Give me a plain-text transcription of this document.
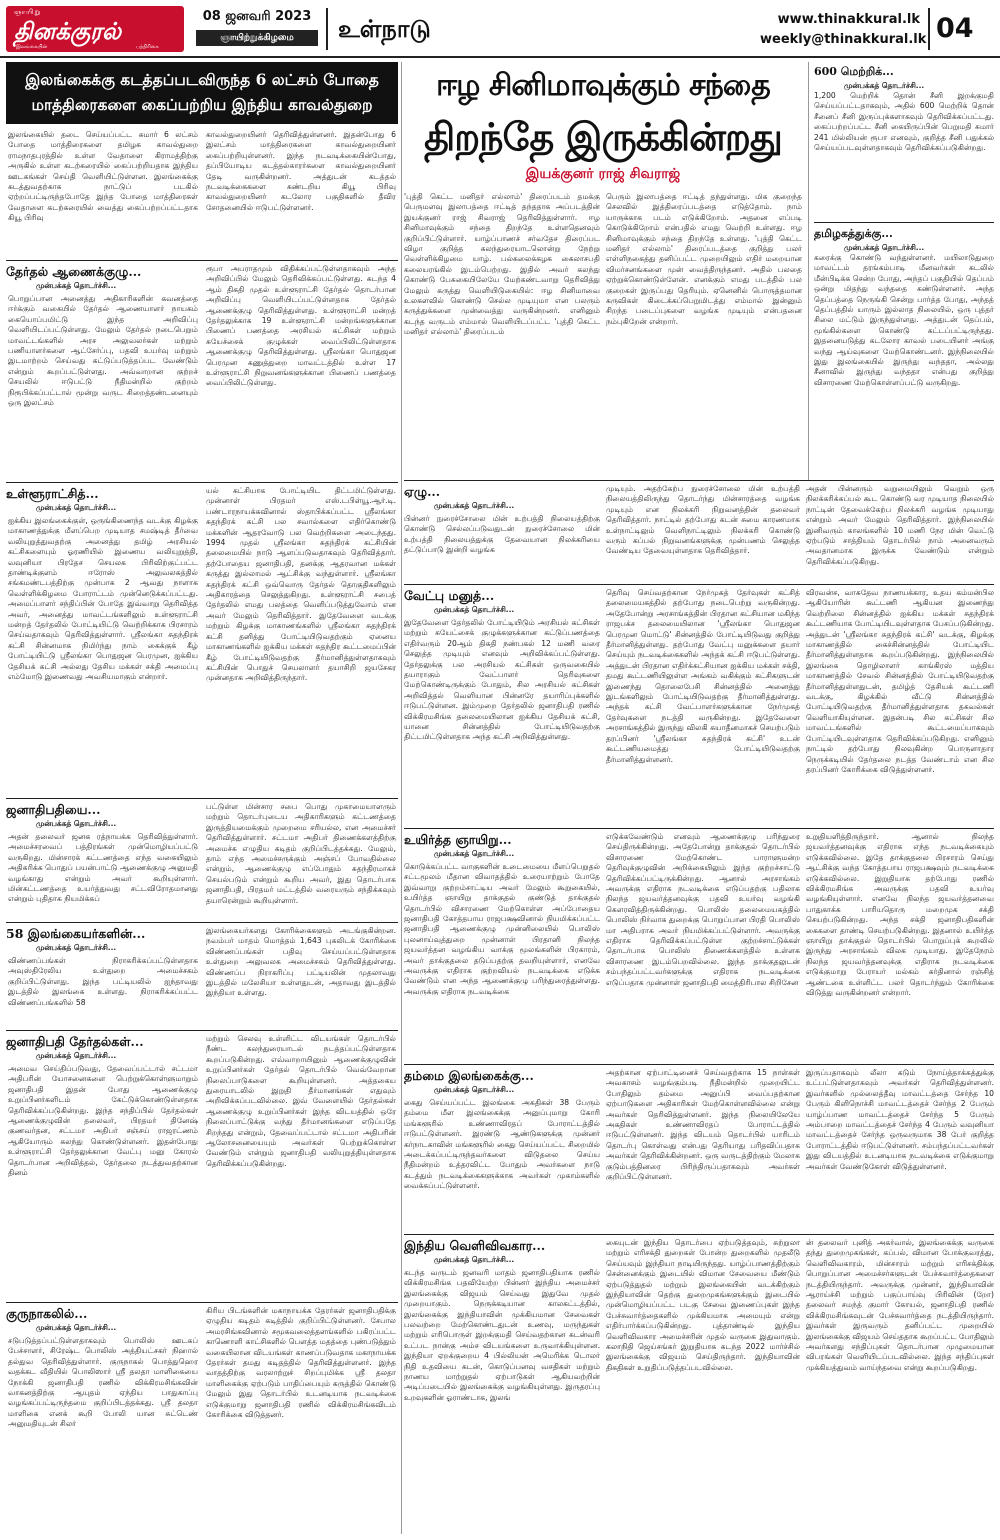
ஞாயிறு
தினக்குரல்
இலங்கையின்	பத்திரிகை
08 ஜனவரி 2023
ஞாயிற்றுக்கிழமை	உள்நாடு	www.thinakkural.lk
weekly@thinakkural.lk 04
இலங்கைக்கு கடத்தப்படவிருந்த 6 லட்சம் போதை
மாத்திரைகளை கைப்பற்றிய இந்திய காவல்துறை
இலங்கையில் தடை செய்யப்பட்ட சுமார் 6 லட்சம் போதை மாத்திரைகளை தமிழக காவல்துறை ராமநாதபுரத்தில் உள்ள வேதாளை கிராமத்திற்கு அருகில் உள்ள கடற்கரையில் கைப்பற்றியதாக இந்திய ஊடகங்கள் செய்தி வெளியிட்டுள்ளன. இலங்கைக்கு கடத்துவதற்காக நாட்டுப் படகில் ஏற்றப்பட்டிருந்தபோதே இந்த போதை மாத்திரைகள் வேதாளை கடற்கரையில் வைத்து கைப்பற்றப்பட்டதாக கியூ பிரிவு
காவல்துறையினர் தெரிவித்துள்ளனர். இதன்போது 6 இலட்சம் மாத்திரைகளை காவல்துறையினர் கைப்பற்றியுள்ளனர். இந்த நடவடிக்கையின்போது, தப்பியோடிய கடத்தல்காரர்களை காவல்துறையினர் தேடி வருகின்றனர். அத்துடன் கடத்தல் நடவடிக்கைகளை கண்டறிய கியூ பிரிவு காவல்துறையினர் கடலோர பகுதிகளில் தீவிர சோதனையில் ஈடுபட்டுள்ளனர்.
ஈழ சினிமாவுக்கும் சந்தை
திறந்தே இருக்கின்றது
இயக்குனர் ராஜ் சிவராஜ்
'புத்தி கெட்ட மனிதர் எல்லாம்' திரைப்படம் தமக்கு பெருமளவு இலாபத்தை ஈட்டித் தந்ததாக அப்படத்தின் இயக்குனர் ராஜ் சிவராஜ் தெரிவித்துள்ளார். ஈழ சினிமாவுக்கும் சந்தை திறந்தே உள்ளதெனவும் குறிப்பிட்டுள்ளார். யாழ்ப்பாணச் சர்வதேச திரைப்பட விழா குறித்த கலந்துரையாடலொன்று நேற்று வெள்ளிக்கிழமை யாழ். பல்கலைக்கழக கைலாசபதி கலையரங்கில் இடம்பெற்றது. இதில் அவர் கலந்து கொண்டு பேசுகையிலேயே மேற்கண்டவாறு தெரிவித்து மேலும் கருத்து வெளியிடுகையில்: ஈழ சினிமாவை உலகளவில் கொண்டு செல்ல முடியுமா என பலரும் கருத்துக்களை முன்வைத்து வருகின்றனர். எனினும் கடந்த வருடம் எம்மால் வெளியிடப்பட்ட 'புத்தி கெட்ட மனிதர் எல்லாம்' திரைப்படம்
பெரும் இலாபத்தை ஈட்டித் தந்துள்ளது. மிக குறைந்த செலவில் இத்திரைப்படத்தை எடுத்தோம். நாம் யாருக்காக படம் எடுக்கிறோம். அதனை எப்படி கொடுக்கிறோம் என்பதில் எமது வெற்றி உள்ளது. ஈழ சினிமாவுக்கும் சந்தை திறந்தே உள்ளது. 'புத்தி கெட்ட மனிதர் எல்லாம்' திரைப்படத்தை குறித்து பலர் எள்ளிநகைத்து தனிப்பட்ட முறையிலும் எதிர் மறையான விமர்சனங்களை முன் வைத்திருந்தனர். அதில் பலதை ஏற்றுக்கொண்டுள்ளேன். எனக்கும் எமது படத்தில் பல குறைகள் இருப்பது தெரியும். ஏனெனில் பொருத்தமான கருவிகள் கிடைக்கப்பெறுமிடத்து எம்மால் இன்னும் சிறந்த படைப்புகளை வழங்க முடியும் என்பதனை நம்புகிறேன் என்றார்.
600 மெற்றிக்...
முன்பக்கத் தொடர்ச்சி...
1,200 மெற்றிக் தொன் சீனி இறக்குமதி செய்யப்பட்டதாகவும், அதில் 600 மெற்றிக் தொன் சீனைப் சீனி இருப்புக்களாகவும் தெரிவிக்கப்பட்டது. கைப்பற்றப்பட்ட சீனி கையிருப்பின் பெறுமதி சுமார் 241 மில்லியன் ரூபா எனவும், குறித்த சீனி பதுக்கல் செய்யப்படவுள்ளதாகவும் தெரிவிக்கப்படுகின்றது.
தமிழகத்துக்கு...
முன்பக்கத் தொடர்ச்சி...
கரைக்கு கொண்டு வந்துள்ளனர். மயிலாடுதுறை மாவட்டம் தரங்கம்பாடி மீனவர்கள் கடலில் மீன்பிடிக்க சென்ற போது, அந்தப் பகுதியில் தெப்பம் ஒன்று மிதந்து வந்ததை கண்டுள்ளனர். அந்த தெப்பத்தை நெருங்கி சென்று பார்த்த போது, அந்தத் தெப்பத்தில் யாரும் இல்லாத நிலையில், ஒரு புத்தர் சிலை மட்டும் இருந்துள்ளது. அத்துடன் தெப்பம், மூங்கில்களை கொண்டு கட்டப்பட்டிருந்தது. இதனையடுத்து கடலோர காவல் படையினர் அங்கு வந்து ஆய்வுகளை மேற்கொண்டனர். இந்நிலையில் இது இலங்கையில் இருந்து வந்ததா, அல்லது சீனாவில் இருந்து வந்ததா என்பது குறித்து விசாரணை மேற்கொள்ளப்பட்டு வருகிறது.
தேர்தல் ஆணைக்குழு...
முன்பக்கத் தொடர்ச்சி...
பொறுப்பான அனைத்து அதிகாரிகளின் கவனத்தை ஈர்க்கும் வகையில் தேர்தல் ஆணையாளர் நாயகம் கையொப்பமிட்டு இந்த அறிவிப்பு வெளியிடப்பட்டுள்ளது. மேலும் தேர்தல் நடைபெறும் மாவட்டங்களில் அரச அலுவலர்கள் மற்றும் பணியாளர்களை ஆட்சேர்ப்பு, பதவி உயர்வு மற்றும் இடமாற்றம் செய்வது கட்டுப்படுத்தப்பட வேண்டும் என்றும் கூறப்பட்டுள்ளது. அவ்வாறான குற்றச் செயலில் ஈடுபட்டு நீதிமன்றில் குற்றம் நிரூபிக்கப்பட்டால் மூன்று வருட சிறைத்தண்டனையும் ஒரு இலட்சம்
ரூபா அபராதமும் விதிக்கப்பட்டுள்ளதாகவும் அந்த அறிவிப்பில் மேலும் தெரிவிக்கப்பட்டுள்ளது. கடந்த 4 ஆம் திகதி முதல் உள்ளூராட்சி தேர்தல் தொடர்பான அறிவிப்பு வெளியிடப்பட்டுள்ளதாக தேர்தல் ஆணைக்குழு தெரிவித்துள்ளது. உள்ளூராட்சி மன்றத் தேர்தலுக்காக 19 உள்ளூராட்சி மன்றங்களுக்கான பிணைப் பணத்தை அரசியல் கட்சிகள் மற்றும் சுயேச்சைக் குழுக்கள் வைப்பிலிட்டுள்ளதாக ஆணைக்குழு தெரிவித்துள்ளது. ஸ்ரீலங்கா பொதுஜன பெரமுன கணுத்துறை மாவட்டத்தில் உள்ள 17 உள்ளூராட்சி நிறுவனங்களுக்கான பிணைப் பணத்தை வைப்பிலிட்டுள்ளது.
உள்ளூராட்சித்...
முன்பக்கத் தொடர்ச்சி...
ஐக்கிய இலங்கைக்குள், ஒருங்கிணைந்த வடக்கு கிழக்கு மாகாணத்துக்கு மீளப்பெற முடியாத சமஷ்டித் தீர்வை வலியுறுத்துவதற்கு அனைத்து தமிழ் அரசியல் கட்சிகளையும் ஓரணியில் இணைய வலியுறுத்தி, வவுனியா பிரதேச செயலக பிரிவிற்குட்பட்ட தாண்டிக்குளம் ஈரோஸ் அலுவலகத்தில் சங்கமண்டபத்திற்கு முன்பாக 2 ஆவது நாளாக வெள்ளிக்கிழமை போராட்டம் முன்னெடுக்கப்பட்டது. அமைப்பாளர் சந்திப்பின் போதே இவ்வாறு தெரிவித்த அவர், அனைத்து மாவட்டங்களிலும் உள்ளூராட்சி மன்றத் தேர்தலில் போட்டியிட்டு வெற்றிக்காக பிரசாரம் செய்வதாகவும் தெரிவித்துள்ளார். ஸ்ரீலங்கா சுதந்திரக் கட்சி சின்னமாக நிமிர்ந்து நாம் கைக்குக் கீழ் போட்டியிட்டு ஸ்ரீலங்கா பொதுஜன பெரமுன, ஐக்கிய தேசியக் கட்சி அல்லது தேசிய மக்கள் சக்தி அமைப்பு எம்மோடு இணைவது அவசியமாகும் என்றார்.
யல் கட்சியாக போட்டியிட திட்டமிட்டுள்ளது. முன்னாள் பிரதமர் எஸ்.டபிள்யூ.ஆர்.டி. பண்டாரநாயக்கவினால் ஸ்தாபிக்கப்பட்ட ஸ்ரீலங்கா சுதந்திரக் கட்சி பல சவால்களை எதிர்கொண்டு மக்களின் ஆதரவோடு பல வெற்றிகளை அடைந்தது. 1994 முதல் ஸ்ரீலங்கா சுதந்திரக் கட்சியின் தலைமையில் நாடு ஆளப்படுவதாகவும் தெரிவித்தார். தற்போதைய ஜனாதிபதி, தனக்கு ஆதரவான மக்கள் கருத்து இல்லாமல் ஆட்சிக்கு வந்துள்ளார். ஸ்ரீலங்கா சுதந்திரக் கட்சி ஒவ்வொரு தேர்தல் தொகுதிகளிலும் அதிகாரத்தை செலுத்துகிறது. உள்ளூராட்சி சபைத் தேர்தலில் எமது பலத்தை வெளிப்படுத்துவோம் என அவர் மேலும் தெரிவித்தார். இதேவேளை வடக்கு மற்றும் கிழக்கு மாகாணங்களில் ஸ்ரீலங்கா சுதந்திரக் கட்சி தனித்து போட்டியிடுவதற்கும் ஏனைய மாகாணங்களில் ஐக்கிய மக்கள் சுதந்திர கூட்டமைப்பின் கீழ் போட்டியிடுவதற்கு தீர்மானித்துள்ளதாகவும் கட்சியின் பொதுச் செயலாளர் தயாசிறி ஜயசேகர முன்னதாக அறிவித்திருந்தார்.
ஜனாதிபதியை...
முன்பக்கத் தொடர்ச்சி...
அதன் தலைவர் ஜனக ரத்நாயக்க தெரிவித்துள்ளார். அமைச்சரவைப் பத்திரங்கள் முன்மொழியப்பட்டு வருகிறது. மின்சாரக் கட்டணத்தை எந்த வகையிலும் அதிகரிக்க பொதுப் பயன்பாட்டு ஆணைக்குழு அனுமதி வழங்காது என்றும் அவர் கூறியுள்ளார். மின்கட்டணத்தை உயர்த்துவது சட்டவிரோதமானது என்றும் புதிதாக நியமிக்கப்
பட்டுள்ள மின்சார சபை பொது முகாமையாளரும் மற்றும் தொடர்புடைய அதிகாரிகளும் கட்டணத்தை இருத்தியமைக்கும் முறைமை சரியல்ல, என அமைச்சர் தெரிவித்துள்ளார். சட்டமா அதிபர் திணைக்களத்திற்கு அமைச்சு எழுதிய கடிதம் குறிப்பிடத்தக்கது. மேலும், தாம் எந்த அமைச்சருக்கும் அஞ்சப் போவதில்லை என்றும், ஆணைக்குழு எப்போதும் சுதந்திரமாகச் செயல்படும் என்றும் கூறிய அவர், இது தொடர்பாக ஜனாதிபதி, பிரதமர் மட்டத்தில் வரையரும் சந்திக்கவும் தயாரென்றும் கூறியுள்ளார்.
58 இலங்கையர்களின்...
முன்பக்கத் தொடர்ச்சி...
விண்ணப்பங்கள் நிராகரிக்கப்பட்டுள்ளதாக அவுஸ்திரேலிய உள்துறை அமைச்சகம் குறிப்பிட்டுள்ளது. இந்த பட்டியலில் ஐந்தாவது இடத்தில் இலங்கை உள்ளது. நிராகரிக்கப்பட்ட விண்ணப்பங்களில் 58
இலங்கையர்களது கோரிக்கைகளும் அடங்குகின்றன. நவம்பர் மாதம் மொத்தம் 1,643 புகலிடக் கோரிக்கை விண்ணப்பங்கள் பதிவு செய்யப்பட்டுள்ளதாக உள்துறை அலுவலக அமைச்சகம் தெரிவித்துள்ளது. விண்ணப்ப நிராகரிப்பு பட்டியலின் முதலாவது இடத்தில் மலேசியா உள்ளதுடன், அதாவது இடத்தில் இந்தியா உள்ளது.
ஜனாதிபதி தேர்தல்கள்...
முன்பக்கத் தொடர்ச்சி...
அமைவ செய்திப்படுவது, தேவைப்பட்டால் சட்டமா அதிபரின் யோசனைகளை பெற்றுக்கொள்ளுமாறும் ஜனாதிபதி இதன் போது ஆணைக்குழு உறுப்பினர்களிடம் கேட்டுக்கொண்டுள்ளதாக தெரிவிக்கப்படுகின்றது. இந்த சந்திப்பில் தேர்தல்கள் ஆணைக்குழுவின் தலைவர், பிரதமர் தினேஷ் குணவர்தன, சட்டமா அதிபர் சஞ்சய் ராஜரட்ணம் ஆகியோரும் கலந்து கொண்டுள்ளனர். இதன்போது உள்ளூராட்சி தேர்தலுக்கான வேட்பு மனு கோரல் தொடர்பான அறிவித்தல், தேர்தலை நடத்துவதற்கான தினம்
மற்றும் செலவு உள்ளிட்ட விடயங்கள் தொடர்பில் நீண்ட கலந்துரையாடல் நடத்தப்பட்டுள்ளதாக கூறப்படுகின்றது. எவ்வாறாயினும் ஆணைக்குழுவின் உறுப்பினர்கள் தேர்தல் தொடர்பில் வெவ்வேறான நிலைப்பாடுகளை கூறியுள்ளனர். அத்தகைய துரையாடலில் இறுதி தீர்மானங்கள் எதுவும் அறிவிக்கப்படவில்லை. இவ் வேளையில் தேர்தல்கள் ஆணைக்குழு உறுப்பினர்கள் இந்த விடயத்தில் ஒரே நிலைப்பாட்டுக்கு வந்து தீர்மானங்களை எடுப்பதே சிறந்தது என்றும், தேவைப்பட்டால் சட்டமா அதிபரின் ஆலோசனையையும் அவர்கள் பெற்றுக்கொள்ள வேண்டும் என்றும் ஜனாதிபதி வலியுறுத்தியுள்ளதாக தெரிவிக்கப்படுகின்றது.
குருநாகலில்...
முன்பக்கத் தொடர்ச்சி...
சடுபடுத்தப்பட்டுள்ளதாகவும் பொலிஸ் ஊடகப் பேச்சாளர், சிரேஷ்ட பொலிஸ் அத்தியட்சகர் நிஹால் தல்துவ தெரிவித்துள்ளார். குருநாகல் பொத்துஹெர வதக்கட வீதியில் பொலிஸார் ஸ்ரீ தலதா மாளிகையை நோக்கி ஜனாதிபதி ரணில் விக்கிரமசிங்கவின் வாகனத்திற்கு ஆயுதம் ஏந்திய பாதுகாப்பு வழங்கப்பட்டிருந்தமை குறிப்பிடத்தக்கது. ஸ்ரீ தலதா மாளிகை எனக் கூறி போலி யான சுட்டெண் அனுமதியுடன் சிலர்
கிரிய பிடங்களின் மகாநாயக்க தேரர்கள் ஜனாதிபதிக்கு ஏழுதிய கடிதம் கடித்தில் குறிப்பிட்டுள்ளனர். சேபால அமரசிங்கவினால் சமூகவலைத்தளங்களில் பகிரப்பட்ட காணொளி காட்சிகளில் பௌத்த மதத்தை புண்படுத்தும் வகையிலான விடயங்கள் காணப்படுவதாக மகாநாயக்க தேரர்கள் தமது கடிதத்தில் தெரிவித்துள்ளனர். இந்த வாதத்திற்கு வரலாற்றுச் சிறப்புமிக்க ஸ்ரீ தலதா மாளிகைக்கு ஏற்படும் பாதிப்பையும் கருத்தில் கொண்டு மேலும் இது தொடர்பில் உடனடியாக நடவடிக்கை எடுக்குமாறு ஜனாதிபதி ரணில் விக்கிரமசிங்கவிடம் கோரிக்கை விடுத்தனர்.
ஏழு...
முன்பக்கத் தொடர்ச்சி...
பின்னர் நுரைச்சோலை மின் உற்பத்தி நிலையத்திற்கு கொண்டு செல்லப்படுவதுடன் நுரைச்சோலை மின் உற்பத்தி நிலையத்துக்கு தேவையான நிலக்கரியை தட்டுப்பாடு இன்றி வழங்க
முடியும். அதற்கேற்ப நுரைச்சோலை மின் உற்பத்தி நிலையத்திலிருந்து தொடர்ந்து மின்சாரத்தை வழங்க முடியும் என நிலக்கரி நிறுவனத்தின் தலைவர் தெரிவித்தார். நாட்டில் தற்போது கடன் சுமை காரணமாக உள்நாட்டிலும் வெளிநாட்டிலும் நிலக்கரி கொண்டு வரும் கப்பல் நிறுவனங்களுக்கு முன்பணம் செலுத்த வேண்டிய தேவையுள்ளதாக தெரிவித்தார்.
அதன் பின்னரும் வறுமையிலும் வெறும் ஒரு நிலக்கரிக்கப்பல் கூட கொண்டு வர முடியாத நிலையில் நாட்டின் தேவைக்கேற்ப நிலக்கரி வழங்க முடியாது என்றும் அவர் மேலும் தெரிவித்தார். இந்நிலையில் இனிவரும் காலங்களில் 10 மணி நேர மின் வெட்டு ஏற்படும் சாத்தியம் தொடர்பில் நாம் அனைவரும் அவதானமாக இருக்க வேண்டும் என்றும் தெரிவிக்கப்படுகிறது.
வேட்பு மனுத்...
முன்பக்கத் தொடர்ச்சி...
இதேவேளை தேர்தலில் போட்டியிடும் அரசியல் கட்சிகள் மற்றும் சுயேட்சைக் குழுக்களுக்கான கட்டுப்பணத்தை எதிர்வரும் 20ஆம் திகதி நண்பகல் 12 மணி வரை செலுத்த முடியும் எனவும் அறிவிக்கப்பட்டுள்ளது. தேர்தலுக்கு பல அரசியல் கட்சிகள் ஒருவகையில் தயாராகும் வேட்பாளர் தெரிவுகளை மேற்கொண்டிருக்கும் போதும், சில அரசியல் கட்சிகள் அறிவித்தல் வெளியான பின்னரே தயாரிப்புக்களில் ஈடுபட்டுள்ளன. இம்முறை தேர்தலில் ஜனாதிபதி ரணில் விக்கிரமசிங்க தலைமையிலான ஐக்கிய தேசியக் கட்சி, யானை சின்னத்தில் போட்டியிடுவதற்கு திட்டமிட்டுள்ளதாக அந்த கட்சி அறிவித்துள்ளது.
தெரிவு செய்வதற்கான நேர்முகத் தேர்வுகள் கட்சித் தலைமையகத்தில் தற்போது நடைபெற்று வருகின்றது. அதேபோன்று அரசாங்கத்தின் பிரதான கட்சியான மகிந்த ராஜபக்ச தலைமையிலான 'ஸ்ரீலங்கா பொதுஜன பெரமுன மொட்டு' சின்னத்தில் போட்டியிடுவது குறித்து தீர்மானித்துள்ளது. தற்போது வேட்பு மனுக்களை தயார் செய்யும் நடவடிக்கைகளில் அந்தக் கட்சி ஈடுபட்டுள்ளது. அத்துடன் பிரதான எதிர்க்கட்சியான ஐக்கிய மக்கள் சக்தி, தமது கூட்டணியிலுள்ள அங்கம் வகிக்கும் கட்சிகளுடன் இணைந்து தொலைபேசி சின்னத்தில் அனைத்து இடங்களிலும் போட்டியிடுவதற்கு தீர்மானித்துள்ளது. அந்தக் கட்சி வேட்பாளர்களுக்கான நேர்முகத் தேர்வுகளை நடத்தி வருகின்றது. இதேவேளை அரசாங்கத்தில் இருந்து விலகி சுயாதீனமாகச் செயற்படும் தரப்பினர் 'ஸ்ரீலங்கா சுதந்திரக் கட்சி' உடன் கூட்டணியமைத்து போட்டியிடுவதற்கு தீர்மானித்துள்ளனர்.
விரவன்ச, வாசுதேவ நாணயக்கார, உதய கம்மன்பில ஆகியோரின் கூட்டணி ஆகியன இணைந்து வெற்றிலை சின்னத்தில் ஐக்கிய மக்கள் சுதந்திரக் கூட்டணியாக போட்டியிடவுள்ளதாக பேசப்படுகின்றது. அத்துடன் 'ஸ்ரீலங்கா சுதந்திரக் கட்சி' வடக்கு, கிழக்கு மாகாணத்தில் கைச்சின்னத்தில் போட்டியிட தீர்மானித்துள்ளதாக கூறப்படுகின்றது. இந்நிலையில் இலங்கை தொழிலாளர் காங்கிரஸ் மத்திய மாகாணத்தில் சேவல் சின்னத்தில் போட்டியிடுவதற்கு தீர்மானித்துள்ளதுடன், தமிழ்த் தேசியக் கூட்டணி வடக்கு, கிழக்கில் வீட்டு சின்னத்தில் போட்டியிடுவதற்கு தீர்மானித்துள்ளதாக தகவல்கள் வெளியாகியுள்ளன. இதன்படி சில கட்சிகள் சில மாவட்டங்களில் கூட்டமைப்பாகவும் போட்டியிடவுள்ளதாக தெரிவிக்கப்படுகிறது. எனினும் நாட்டில் தற்போது நிலவுகின்ற பொருளாதார நெருக்கடியில் தேர்தலை நடத்த வேண்டாம் என சில தரப்பினர் கோரிக்கை விடுத்துள்ளனர்.
உயிர்த்த ஞாயிறு...
முன்பக்கத் தொடர்ச்சி...
கொடுக்கப்பட்ட வாகுகளின் உடைமையை மீளப்பெறுதல் சட்டமூலம் மீதான விவாதத்தில் உரையாற்றும் போதே இவ்வாறு குற்றம்சாட்டிய அவர் மேலும் கூறுகையில், உயிர்த்த ஞாயிறு தாக்குதல் குண்டுத் தாக்குதல் தொடர்பில் விசாரணை மேற்கொள்ள அப்போதைய ஜனாதிபதி கோத்தபாய ராஜபக்ஷவினால் நியமிக்கப்பட்ட ஜனாதிபதி ஆணைக்குழு முன்னிலையில் பொலிஸ் புலனாய்வுத்துறை முன்னாள் பிரதானி நிலந்த ஜயவர்த்தன வழங்கிய வாக்கு மூலங்களின் பிரகாரம், அவர் தாக்குதலை தடுப்பதற்கு தவறியுள்ளார், எனவே அவருக்கு எதிராக குற்றவியல் நடவடிக்கை எடுக்க வேண்டும் என அந்த ஆணைக்குழு பரிந்துரைத்துள்ளது. அவருக்கு எதிராக நடவடிக்கை
எடுக்கவேண்டும் எனவும் ஆணைக்குழு பரிந்துரை செய்திருக்கின்றது. அதேபோன்று தாக்குதல் தொடர்பில் விசாரணை மேற்கொண்ட பாராளுமன்ற தெரிவுக்குழுவின் அறிக்கையிலும் இந்த குற்றச்சாட்டு தெரிவிக்கப்பட்டிருக்கின்றது. ஆனால் அரசாங்கம் அவருக்கு எதிராக நடவடிக்கை எடுப்பதற்கு பதிலாக நிலந்த ஜயவர்த்தனவுக்கு பதவி உயர்வு வழங்கி கௌரவித்திருக்கின்றது. பொலிஸ் தலைமையகத்தில் பொலிஸ் நிர்வாக துறைக்கு பொறுப்பான பிரதி பொலிஸ் மா அதிபராக அவர் நியமிக்கப்பட்டுள்ளார். அவருக்கு எதிராக தெரிவிக்கப்பட்டுள்ள குற்றச்சாட்டுக்கள் தொடர்பாக பொலிஸ் திணைக்களத்தில் உள்ளக விசாரணை இடம்பெறவில்லை. இந்த தாக்குதலுடன் சம்பந்தப்பட்டவர்களுக்கு எதிராக நடவடிக்கை எடுப்பதாக முன்னாள் ஜனாதிபதி மைத்திரிபால சிறிசேன
உறுதியளித்திருந்தார். ஆனால் நிலந்த ஜயவர்த்தனவுக்கு எதிராக எந்த நடவடிக்கையும் எடுக்கவில்லை. இதே தாக்குதலை பிரசாரம் செய்து ஆட்சிக்கு வந்த கோத்தபாய ராஜபக்ஷவும் நடவடிக்கை எடுக்கவில்லை. இறுதியாக தற்போது ரணில் விக்கிரமசிங்க அவருக்கு பதவி உயர்வு வழங்கியுள்ளார். எனவே நிலந்த ஜயவர்த்தனவை பாதுகாக்க பாரியதொரு மறைமுக சக்தி செயற்படுகின்றது. அந்த சக்தி ஜனாதிபதிகளின் கைகளை தாண்டி செயற்படுகின்றது. இதனால் உயிர்த்த ஞாயிறு தாக்குதல் தொடர்பில் பொறுப்புக் கூறலில் இருந்து அரசாங்கம் விலக முடியாது. இதேநேரம் நிலந்த ஜயவர்த்தனவுக்கு எதிராக நடவடிக்கை எடுக்குமாறு பேராயர் மல்கம் கர்தினால் ரஞ்சித் ஆண்டகை உள்ளிட்ட பலர் தொடர்ந்தும் கோரிக்கை விடுத்து வருகின்றனர் என்றார்.
தம்மை இலங்கைக்கு...
முன்பக்கத் தொடர்ச்சி...
கைது செய்யப்பட்ட இலங்கை அகதிகள் 38 பேரும் தம்மை மீள இலங்கைக்கு அனுப்புமாறு கோரி மங்களூரில் உண்ணாவிரதப் போராட்டத்தில் ஈடுபட்டுள்ளனர். இரண்டு ஆண்டுகளுக்கு முன்னர் கர்நாடகாவின் மங்களூரில் கைது செய்யப்பட்ட சிறைமில் அடைக்கப்பட்டிருந்தவர்களை விடுதலை செய்ய நீதிமன்றம் உத்தரவிட்ட போதும் அவர்களை நாடு கடத்தும் நடவடிக்கைகளுக்காக அவர்கள் முகாம்களில் வைக்கப்பட்டுள்ளனர்.
அதற்கான ஏற்பாட்டினைச் செய்வதற்காக 15 நாள்கள் அவகாசம் வழங்கும்படி நீதிமன்றில் முறையிட்ட போதிலும் தம்மை அனுப்பி வைப்பதற்கான ஏற்பாடுகளை அதிகாரிகள் மேற்கொள்ளவில்லை என்று அவர்கள் தெரிவித்துள்ளனர். இந்த நிலையிலேயே அகதிகள் உண்ணாவிரதப் போராட்டத்தில் ஈடுபட்டுள்ளனர். இந்த விடயம் தொடர்பில் யாரிடம் தொடர்பு கொள்வது என்பது தெரியாது பரிதவிப்பதாக அவர்கள் தெரிவிக்கின்றனர். ஒரு வருடத்திற்கும் மேலாக குடும்பத்தினரை பிரிந்திருப்பதாகவும் அவர்கள் குறிப்பிட்டுள்ளனர்.
இருப்பதாகவும் லீலா கடும் நோய்த்தாக்கத்துக்கு உட்பட்டுள்ளதாகவும் அவர்கள் தெரிவித்துள்ளனர். இவர்களில் முல்லைத்தீவு மாவட்டத்தை சேர்ந்த 10 பேரும் கிளிநொச்சி மாவட்டத்தைச் சேர்ந்த 2 பேரும் யாழ்ப்பாண மாவட்டத்தைச் சேர்ந்த 5 பேரும் அம்பாறை மாவட்டத்தைச் சேர்ந்த 4 பேரும் வவுனியா மாவட்டத்தைச் சேர்ந்த ஒருவருமாக 38 பேர் குறித்த போராட்டத்தில் ஈடுபட்டுள்ளனர். சம்பந்தப்பட்டவர்கள் இது விடயத்தில் உடனடியாக நடவடிக்கை எடுக்குமாறு அவர்கள் வேண்டுகோள் விடுத்துள்ளனர்.
இந்திய வெளிவிவகார...
முன்பக்கத் தொடர்ச்சி...
கடந்த வருடம் ஜனவரி மாதம் ஜனாதிபதியாக ரணில் விக்கிரமசிங்க பதவியேற்ற பின்னர் இந்திய அமைச்சர் இலங்கைக்கு விஜயம் செய்வது இதுவே முதல் முறையாகும். நெருக்கடியான காலகட்டத்தில், இலங்கைக்கு இந்தியாவின் முக்கியமான சேவைகள் பலவற்றை மேற்கொண்டதுடன் உணவு, மருந்துகள் மற்றும் எரிபொருள் இறக்குமதி செய்வதற்கான கடன்வரி உட்பட நான்கு அம்ச விடயங்களை உருவாக்கியுள்ளன. இந்தியா ஏறக்குறைய 4 பில்லியன் அமெரிக்க டொலர் நிதி உதவியை கடன், கொடுப்பனவு வசதிகள் மற்றும் நாணய மாற்றுதல் ஏற்பாடுகள் ஆகியவற்றின் அடிப்படையில் இலங்கைக்கு வழங்கியுள்ளது. இருதரப்பு உறவுகளின் ஓராண்டாக, இலங்
கையுடன் இந்திய தொடர்பை ஏற்படுத்தவும், சுற்றுலா மற்றும் எரிசக்தி துறைகள் போன்ற துறைகளில் முதலீடு செய்யவும் இந்தியா நாடியிருந்தது. யாழ்ப்பாணத்திற்கும் சென்னைக்கும் இடையில் விமான சேவையை மீண்டும் ஏற்படுத்துதல் மற்றும் இலங்கையின் வடக்கிற்கும் இந்தியாவின் தெற்கு துறைமுகங்களுக்கும் இடையில் முன்மொழியப்பட்ட படகு சேவை இணைப்புகள் இந்த பேச்சுவார்த்தைகளில் முக்கியமாக அமையும் என்று எதிர்பார்க்கப்படுகின்றது. புத்தாண்டில் இந்திய வெளிவிவகார அமைச்சரின் முதல் வருகை இதுவாகும். கலாநிதி ஜெய்சங்கர் இறுதியாக கடந்த 2022 மார்ச்சில் இலங்கைக்கு விஜயம் செய்திருந்தார். இந்தியாவின் திகதிகள் உறுதிப்படுத்தப்படவில்லை.
ன் தலைவர் புனித் அகர்வால், இலங்கைக்கு வருகை தந்து துறைமுகங்கள், கப்பல், விமான போக்குவரத்து, வெளிவிவகாரம், மின்சாரம் மற்றும் எரிசக்திக்கு பொறுப்பான அமைச்சர்களுடன் பேச்சுவார்த்தைகளை நடத்தியிருந்தார். அவருக்கு முன்னர், இந்தியாவின் ஆராய்ச்சி மற்றும் பகுப்பாய்வு பிரிவின் (றோ) தலைவர் சமந்த் குமார் கோயல், ஜனாதிபதி ரணில் விக்கிரமசிங்கவுடன் பேச்சுவார்த்தை நடத்தியிருந்தார். இவர்கள் இருவரும் தனிப்பட்ட முறையில் இலங்கைக்கு விஜயம் செய்ததாக கூறப்பட்ட போதிலும் அவர்களது சந்திப்புகள் தொடர்பான முழுமையான விபரங்கள் வெளியிடப்படவில்லை. இந்த சந்திப்புகள் முக்கியத்துவம் வாய்ந்தவை என்று கூறப்படுகிறது.
